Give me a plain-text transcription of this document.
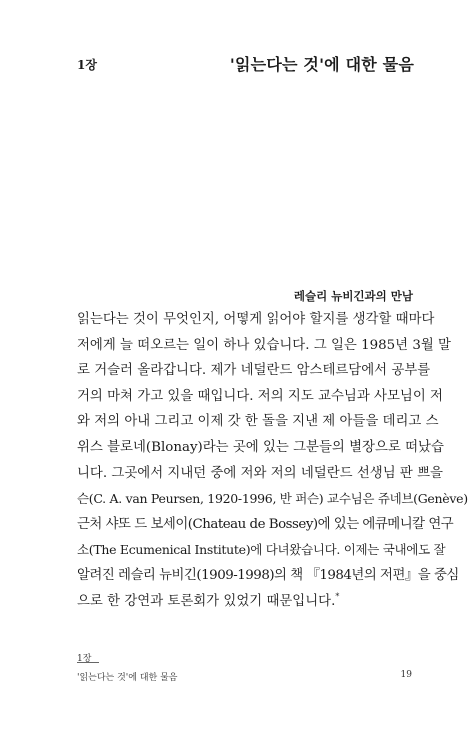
1장	'읽는다는 것'에 대한 물음
레슬리 뉴비긴과의 만남
읽는다는 것이 무엇인지, 어떻게 읽어야 할지를 생각할 때마다
저에게 늘 떠오르는 일이 하나 있습니다. 그 일은 1985년 3월 말
로 거슬러 올라갑니다. 제가 네덜란드 암스테르담에서 공부를
거의 마쳐 가고 있을 때입니다. 저의 지도 교수님과 사모님이 저
와 저의 아내 그리고 이제 갓 한 돌을 지낸 제 아들을 데리고 스
위스 블로네(Blonay)라는 곳에 있는 그분들의 별장으로 떠났습
니다. 그곳에서 지내던 중에 저와 저의 네덜란드 선생님 판 쁘을
슨(C. A. van Peursen, 1920-1996, 반 퍼슨) 교수님은 쥬네브(Genève)
근처 샤또 드 보세이(Chateau de Bossey)에 있는 에큐메니칼 연구
소(The Ecumenical Institute)에 다녀왔습니다. 이제는 국내에도 잘
알려진 레슬리 뉴비긴(1909-1998)의 책 『1984년의 저편』을 중심
으로 한 강연과 토론회가 있었기 때문입니다.*
1장
'읽는다는 것'에 대한 물음	19
